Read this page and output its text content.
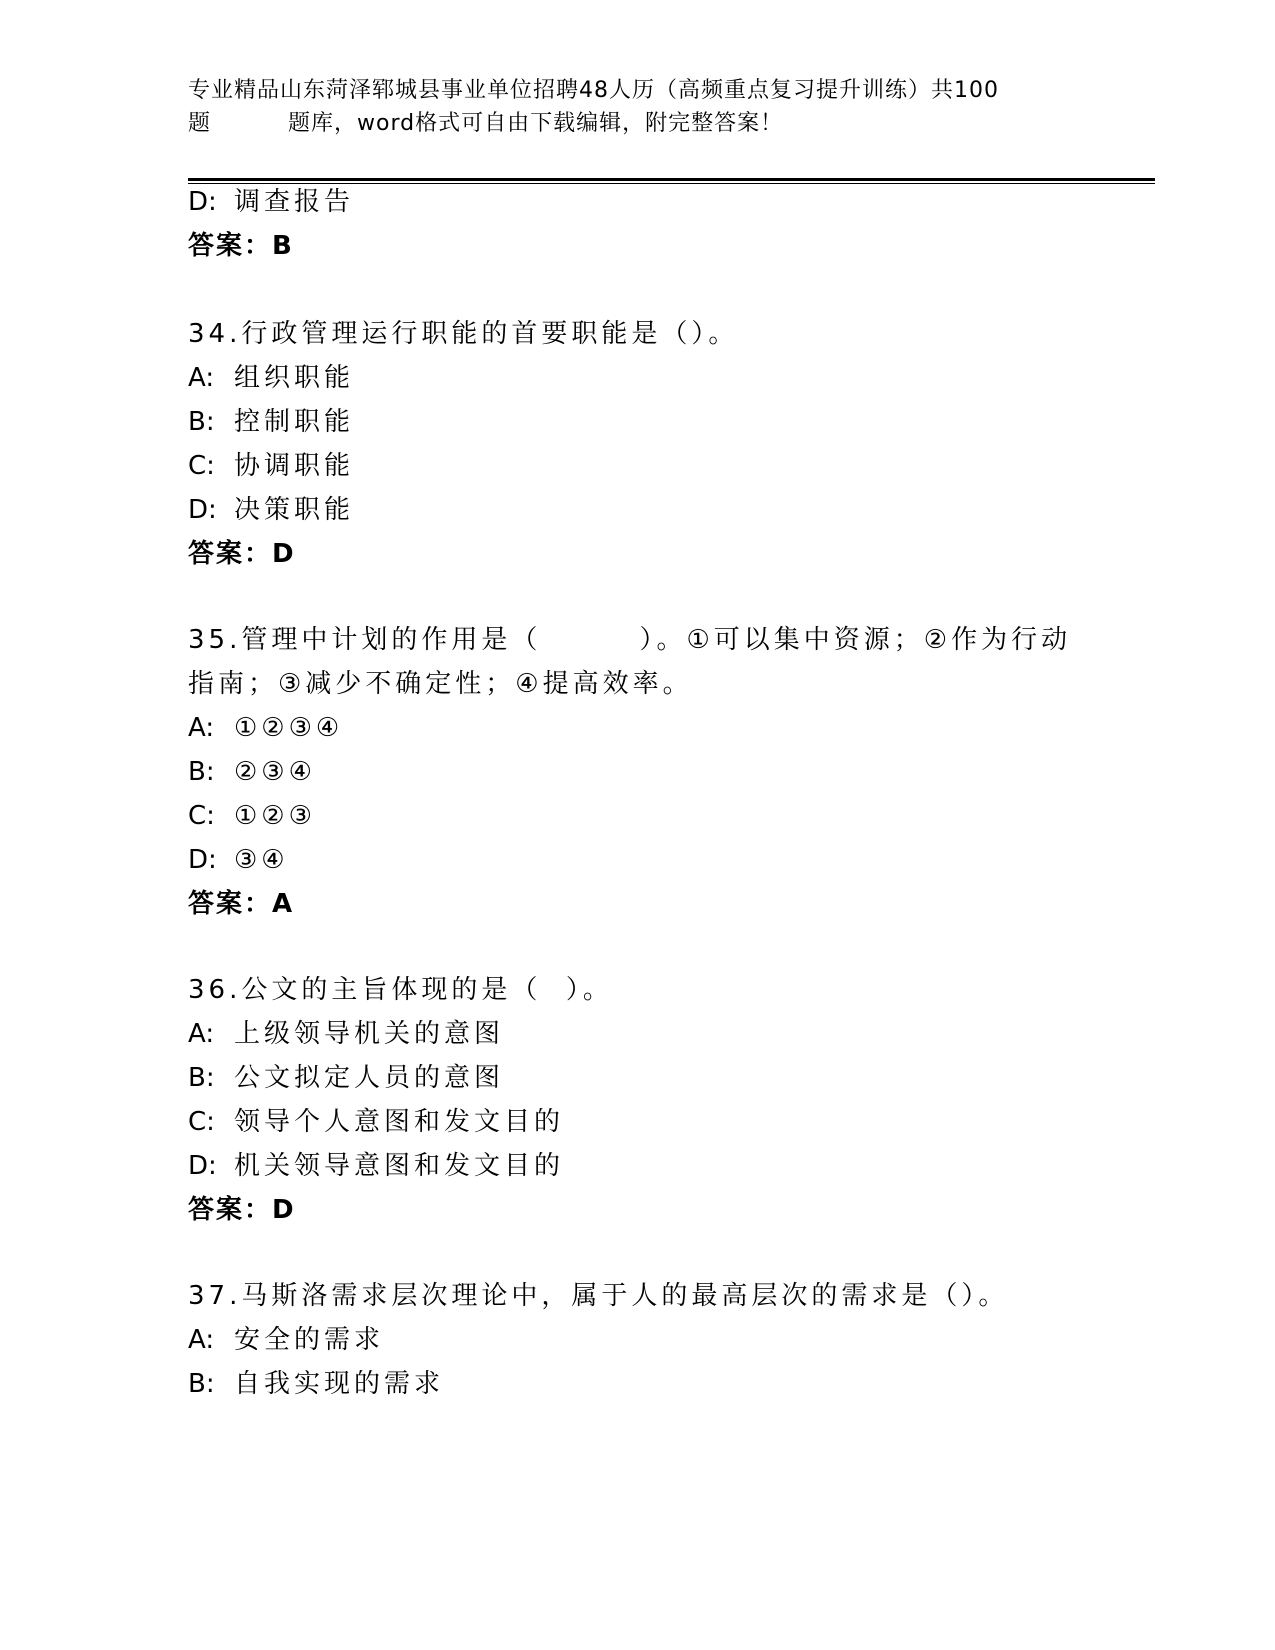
专业精品山东菏泽郓城县事业单位招聘48人历（高频重点复习提升训练）共100
题	题库，word格式可自由下载编辑，附完整答案！
D: 调查报告
答案：B
34.行政管理运行职能的首要职能是（）。
A: 组织职能
B: 控制职能
C: 协调职能
D: 决策职能
答案：D
35.管理中计划的作用是（        ）。①可以集中资源；②作为行动
指南；③减少不确定性；④提高效率。
A: ①②③④
B: ②③④
C: ①②③
D: ③④
答案：A
36.公文的主旨体现的是（  ）。
A: 上级领导机关的意图
B: 公文拟定人员的意图
C: 领导个人意图和发文目的
D: 机关领导意图和发文目的
答案：D
37.马斯洛需求层次理论中，属于人的最高层次的需求是（）。
A: 安全的需求
B: 自我实现的需求
